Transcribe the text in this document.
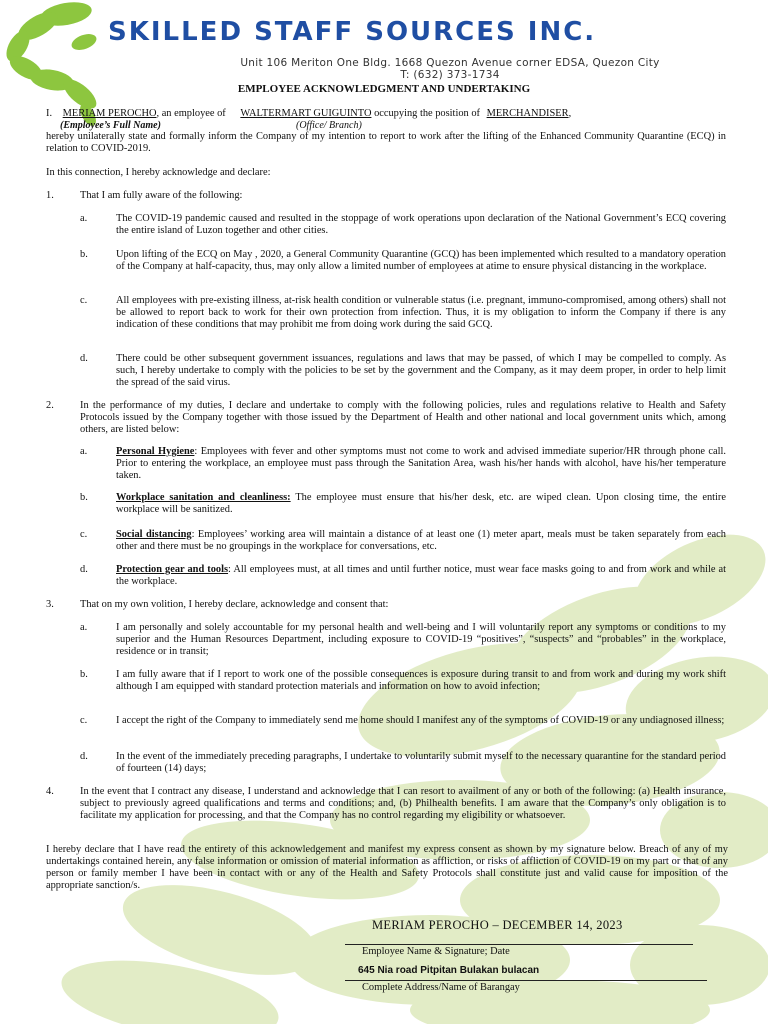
SKILLED STAFF SOURCES INC.
Unit 106 Meriton One Bldg. 1668 Quezon Avenue corner EDSA, Quezon City
T: (632) 373-1734
EMPLOYEE ACKNOWLEDGMENT AND UNDERTAKING
I. MERIAM PEROCHO, an employee of WALTERMART GUIGUINTO occupying the position of MERCHANDISER,
(Employee’s Full Name)	(Office/ Branch)
hereby unilaterally state and formally inform the Company of my intention to report to work after the lifting of the Enhanced Community Quarantine (ECQ) in relation to COVID-2019.
In this connection, I hereby acknowledge and declare:
1.	That I am fully aware of the following:
a.	The COVID-19 pandemic caused and resulted in the stoppage of work operations upon declaration of the National Government’s ECQ covering the entire island of Luzon together and other cities.
b.	Upon lifting of the ECQ on May , 2020, a General Community Quarantine (GCQ) has been implemented which resulted to a mandatory operation of the Company at half-capacity, thus, may only allow a limited number of employees at atime to ensure physical distancing in the workplace.
c.	All employees with pre-existing illness, at-risk health condition or vulnerable status (i.e. pregnant, immuno-compromised, among others) shall not be allowed to report back to work for their own protection from infection. Thus, it is my obligation to inform the Company if there is any indication of these conditions that may prohibit me from doing work during the said GCQ.
d.	There could be other subsequent government issuances, regulations and laws that may be passed, of which I may be compelled to comply. As such, I hereby undertake to comply with the policies to be set by the government and the Company, as it may deem proper, in order to help limit the spread of the said virus.
2.	In the performance of my duties, I declare and undertake to comply with the following policies, rules and regulations relative to Health and Safety Protocols issued by the Company together with those issued by the Department of Health and other national and local government units which, among others, are listed below:
a.	Personal Hygiene: Employees with fever and other symptoms must not come to work and advised immediate superior/HR through phone call. Prior to entering the workplace, an employee must pass through the Sanitation Area, wash his/her hands with alcohol, have his/her temperature taken.
b.	Workplace sanitation and cleanliness: The employee must ensure that his/her desk, etc. are wiped clean. Upon closing time, the entire workplace will be sanitized.
c.	Social distancing: Employees’ working area will maintain a distance of at least one (1) meter apart, meals must be taken separately from each other and there must be no groupings in the workplace for conversations, etc.
d.	Protection gear and tools: All employees must, at all times and until further notice, must wear face masks going to and from work and while at the workplace.
3.	That on my own volition, I hereby declare, acknowledge and consent that:
a.	I am personally and solely accountable for my personal health and well-being and I will voluntarily report any symptoms or conditions to my superior and the Human Resources Department, including exposure to COVID-19 “positives”, “suspects” and “probables” in the workplace, residence or in transit;
b.	I am fully aware that if I report to work one of the possible consequences is exposure during transit to and from work and during my work shift although I am equipped with standard protection materials and information on how to avoid infection;
c.	I accept the right of the Company to immediately send me home should I manifest any of the symptoms of COVID-19 or any undiagnosed illness;
d.	In the event of the immediately preceding paragraphs, I undertake to voluntarily submit myself to the necessary quarantine for the standard period of fourteen (14) days;
4.	In the event that I contract any disease, I understand and acknowledge that I can resort to availment of any or both of the following: (a) Health insurance, subject to previously agreed qualifications and terms and conditions; and, (b) Philhealth benefits. I am aware that the Company’s only obligation is to facilitate my application for processing, and that the Company has no control regarding my eligibility or whatsoever.
I hereby declare that I have read the entirety of this acknowledgement and manifest my express consent as shown by my signature below. Breach of any of my undertakings contained herein, any false information or omission of material information as affliction, or risks of affliction of COVID-19 on my part or that of any person or family member I have been in contact with or any of the Health and Safety Protocols shall constitute just and valid cause for imposition of the appropriate sanction/s.
MERIAM PEROCHO – DECEMBER 14, 2023
Employee Name & Signature; Date
645 Nia road Pitpitan Bulakan bulacan
Complete Address/Name of Barangay
